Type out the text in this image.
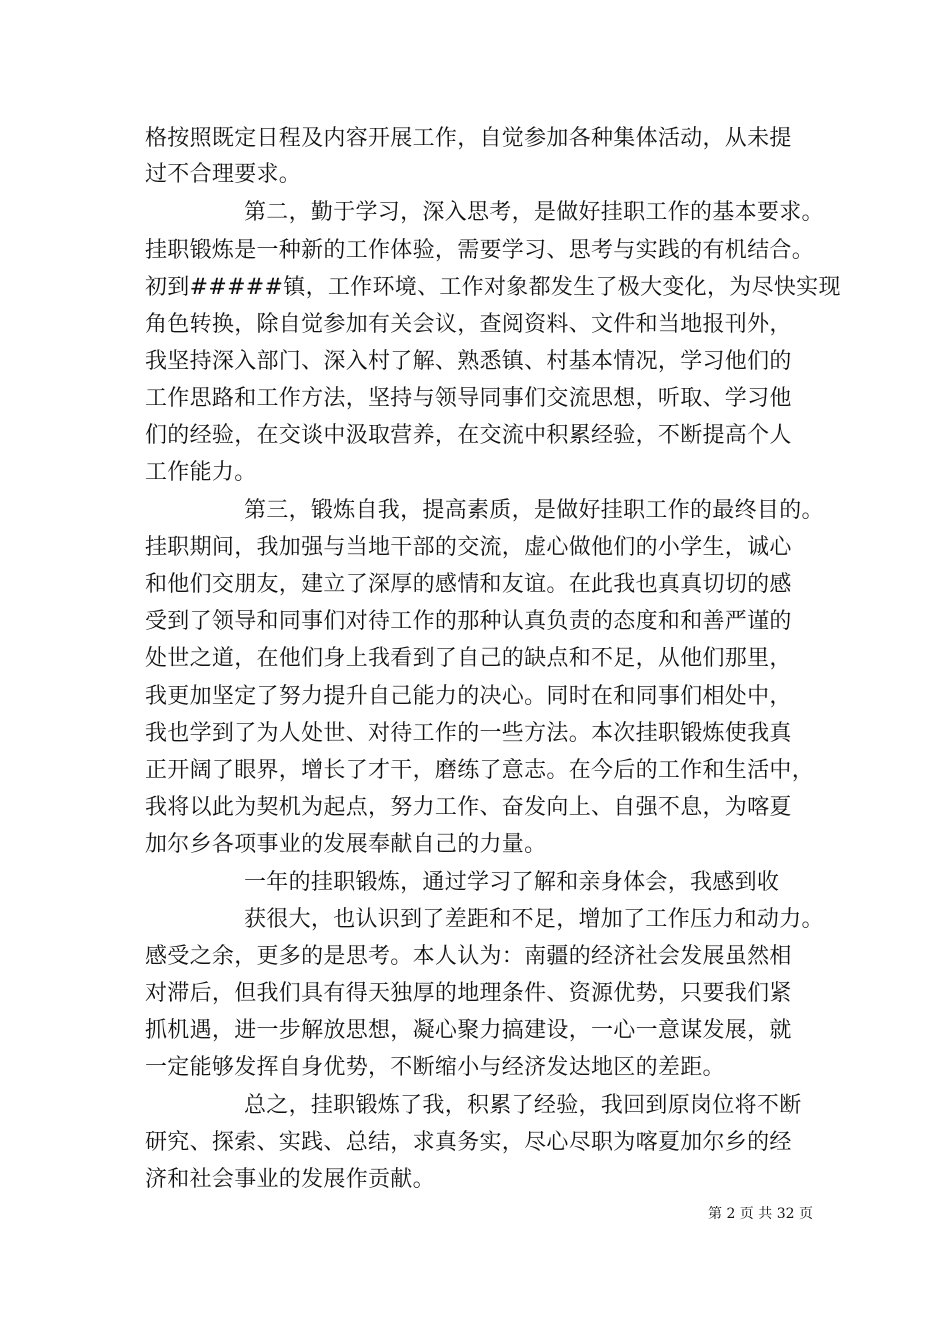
格按照既定日程及内容开展工作，自觉参加各种集体活动，从未提
过不合理要求。
第二，勤于学习，深入思考，是做好挂职工作的基本要求。
挂职锻炼是一种新的工作体验，需要学习、思考与实践的有机结合。
初到#####镇，工作环境、工作对象都发生了极大变化，为尽快实现
角色转换，除自觉参加有关会议，查阅资料、文件和当地报刊外，
我坚持深入部门、深入村了解、熟悉镇、村基本情况，学习他们的
工作思路和工作方法，坚持与领导同事们交流思想，听取、学习他
们的经验，在交谈中汲取营养，在交流中积累经验，不断提高个人
工作能力。
第三，锻炼自我，提高素质，是做好挂职工作的最终目的。
挂职期间，我加强与当地干部的交流，虚心做他们的小学生，诚心
和他们交朋友，建立了深厚的感情和友谊。在此我也真真切切的感
受到了领导和同事们对待工作的那种认真负责的态度和和善严谨的
处世之道，在他们身上我看到了自己的缺点和不足，从他们那里，
我更加坚定了努力提升自己能力的决心。同时在和同事们相处中，
我也学到了为人处世、对待工作的一些方法。本次挂职锻炼使我真
正开阔了眼界，增长了才干，磨练了意志。在今后的工作和生活中，
我将以此为契机为起点，努力工作、奋发向上、自强不息，为喀夏
加尔乡各项事业的发展奉献自己的力量。
一年的挂职锻炼，通过学习了解和亲身体会，我感到收
获很大，也认识到了差距和不足，增加了工作压力和动力。
感受之余，更多的是思考。本人认为：南疆的经济社会发展虽然相
对滞后，但我们具有得天独厚的地理条件、资源优势，只要我们紧
抓机遇，进一步解放思想，凝心聚力搞建设，一心一意谋发展，就
一定能够发挥自身优势，不断缩小与经济发达地区的差距。
总之，挂职锻炼了我，积累了经验，我回到原岗位将不断
研究、探索、实践、总结，求真务实，尽心尽职为喀夏加尔乡的经
济和社会事业的发展作贡献。
第 2 页 共 32 页
